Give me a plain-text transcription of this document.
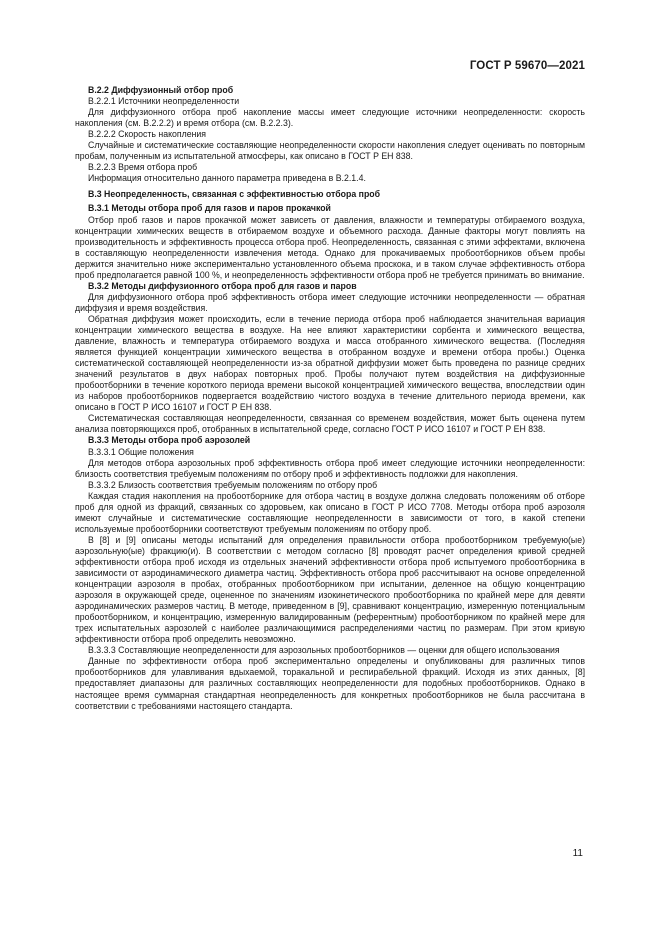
ГОСТ Р 59670—2021

В.2.2 Диффузионный отбор проб

В.2.2.1 Источники неопределенности

Для диффузионного отбора проб накопление массы имеет следующие источники неопределенности: скорость накопления (см. В.2.2.2) и время отбора (см. В.2.2.3).

В.2.2.2 Скорость накопления

Случайные и систематические составляющие неопределенности скорости накопления следует оценивать по повторным пробам, полученным из испытательной атмосферы, как описано в ГОСТ Р ЕН 838.

В.2.2.3 Время отбора проб

Информация относительно данного параметра приведена в В.2.1.4.

В.3 Неопределенность, связанная с эффективностью отбора проб

В.3.1 Методы отбора проб для газов и паров прокачкой

Отбор проб газов и паров прокачкой может зависеть от давления, влажности и температуры отбираемого воздуха, концентрации химических веществ в отбираемом воздухе и объемного расхода. Данные факторы могут повлиять на производительность и эффективность процесса отбора проб. Неопределенность, связанная с этими эффектами, включена в составляющую неопределенности извлечения метода. Однако для прокачиваемых пробоотборников объем пробы держится значительно ниже экспериментально установленного объема проскока, и в таком случае эффективность отбора проб предполагается равной 100 %, и неопределенность эффективности отбора проб не требуется принимать во внимание.

В.3.2 Методы диффузионного отбора проб для газов и паров

Для диффузионного отбора проб эффективность отбора имеет следующие источники неопределенности — обратная диффузия и время воздействия.

Обратная диффузия может происходить, если в течение периода отбора проб наблюдается значительная вариация концентрации химического вещества в воздухе. На нее влияют характеристики сорбента и химического вещества, давление, влажность и температура отбираемого воздуха и масса отобранного химического вещества. (Последняя является функцией концентрации химического вещества в отобранном воздухе и времени отбора пробы.) Оценка систематической составляющей неопределенности из-за обратной диффузии может быть проведена по разнице средних значений результатов в двух наборах повторных проб. Пробы получают путем воздействия на диффузионные пробоотборники в течение короткого периода времени высокой концентрацией химического вещества, впоследствии один из наборов пробоотборников подвергается воздействию чистого воздуха в течение длительного периода времени, как описано в ГОСТ Р ИСО 16107 и ГОСТ Р ЕН 838.

Систематическая составляющая неопределенности, связанная со временем воздействия, может быть оценена путем анализа повторяющихся проб, отобранных в испытательной среде, согласно ГОСТ Р ИСО 16107 и ГОСТ Р ЕН 838.

В.3.3 Методы отбора проб аэрозолей

В.3.3.1 Общие положения

Для методов отбора аэрозольных проб эффективность отбора проб имеет следующие источники неопределенности: близость соответствия требуемым положениям по отбору проб и эффективность подложки для накопления.

В.3.3.2 Близость соответствия требуемым положениям по отбору проб

Каждая стадия накопления на пробоотборнике для отбора частиц в воздухе должна следовать положениям об отборе проб для одной из фракций, связанных со здоровьем, как описано в ГОСТ Р ИСО 7708. Методы отбора проб аэрозоля имеют случайные и систематические составляющие неопределенности в зависимости от того, в какой степени используемые пробоотборники соответствуют требуемым положениям по отбору проб.

В [8] и [9] описаны методы испытаний для определения правильности отбора пробоотборником требуемую(ые) аэрозольную(ые) фракцию(и). В соответствии с методом согласно [8] проводят расчет определения кривой средней эффективности отбора проб исходя из отдельных значений эффективности отбора проб испытуемого пробоотборника в зависимости от аэродинамического диаметра частиц. Эффективность отбора проб рассчитывают на основе определенной концентрации аэрозоля в пробах, отобранных пробоотборником при испытании, деленное на общую концентрацию аэрозоля в окружающей среде, оцененное по значениям изокинетического пробоотборника по крайней мере для девяти аэродинамических размеров частиц. В методе, приведенном в [9], сравнивают концентрацию, измеренную потенциальным пробоотборником, и концентрацию, измеренную валидированным (референтным) пробоотборником по крайней мере для трех испытательных аэрозолей с наиболее различающимися распределениями частиц по размерам. При этом кривую эффективности отбора проб определить невозможно.

В.3.3.3 Составляющие неопределенности для аэрозольных пробоотборников — оценки для общего использования

Данные по эффективности отбора проб экспериментально определены и опубликованы для различных типов пробоотборников для улавливания вдыхаемой, торакальной и респирабельной фракций. Исходя из этих данных, [8] предоставляет диапазоны для различных составляющих неопределенности для подобных пробоотборников. Однако в настоящее время суммарная стандартная неопределенность для конкретных пробоотборников не была рассчитана в соответствии с требованиями настоящего стандарта.

11
